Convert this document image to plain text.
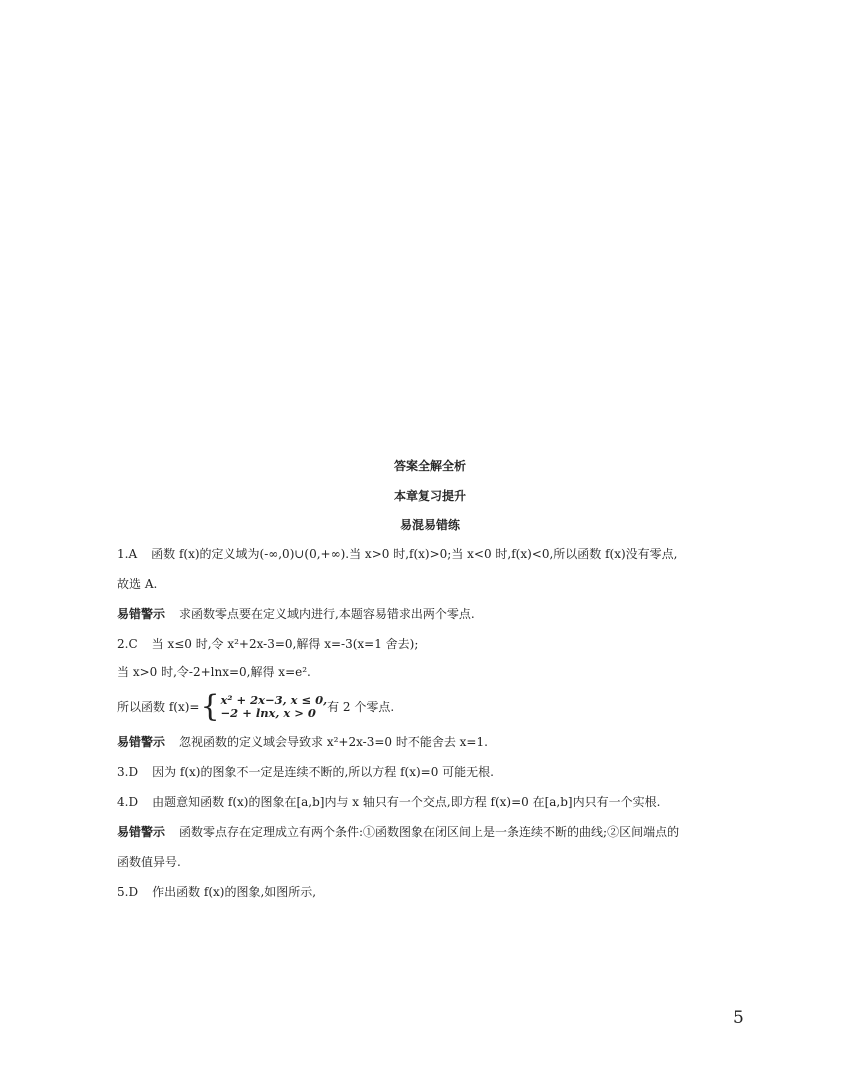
答案全解全析
本章复习提升
易混易错练
1.A 函数 f(x)的定义域为(-∞,0)∪(0,+∞).当 x>0 时,f(x)>0;当 x<0 时,f(x)<0,所以函数 f(x)没有零点,
故选 A.
易错警示 求函数零点要在定义域内进行,本题容易错求出两个零点.
2.C 当 x≤0 时,令 x²+2x-3=0,解得 x=-3(x=1 舍去);
当 x>0 时,令-2+lnx=0,解得 x=e².
所以函数 f(x)={ x² + 2x−3, x ≤ 0,
−2 + lnx, x > 0 有 2 个零点.
易错警示 忽视函数的定义域会导致求 x²+2x-3=0 时不能舍去 x=1.
3.D 因为 f(x)的图象不一定是连续不断的,所以方程 f(x)=0 可能无根.
4.D 由题意知函数 f(x)的图象在[a,b]内与 x 轴只有一个交点,即方程 f(x)=0 在[a,b]内只有一个实根.
易错警示 函数零点存在定理成立有两个条件:①函数图象在闭区间上是一条连续不断的曲线;②区间端点的
函数值异号.
5.D 作出函数 f(x)的图象,如图所示,
5
